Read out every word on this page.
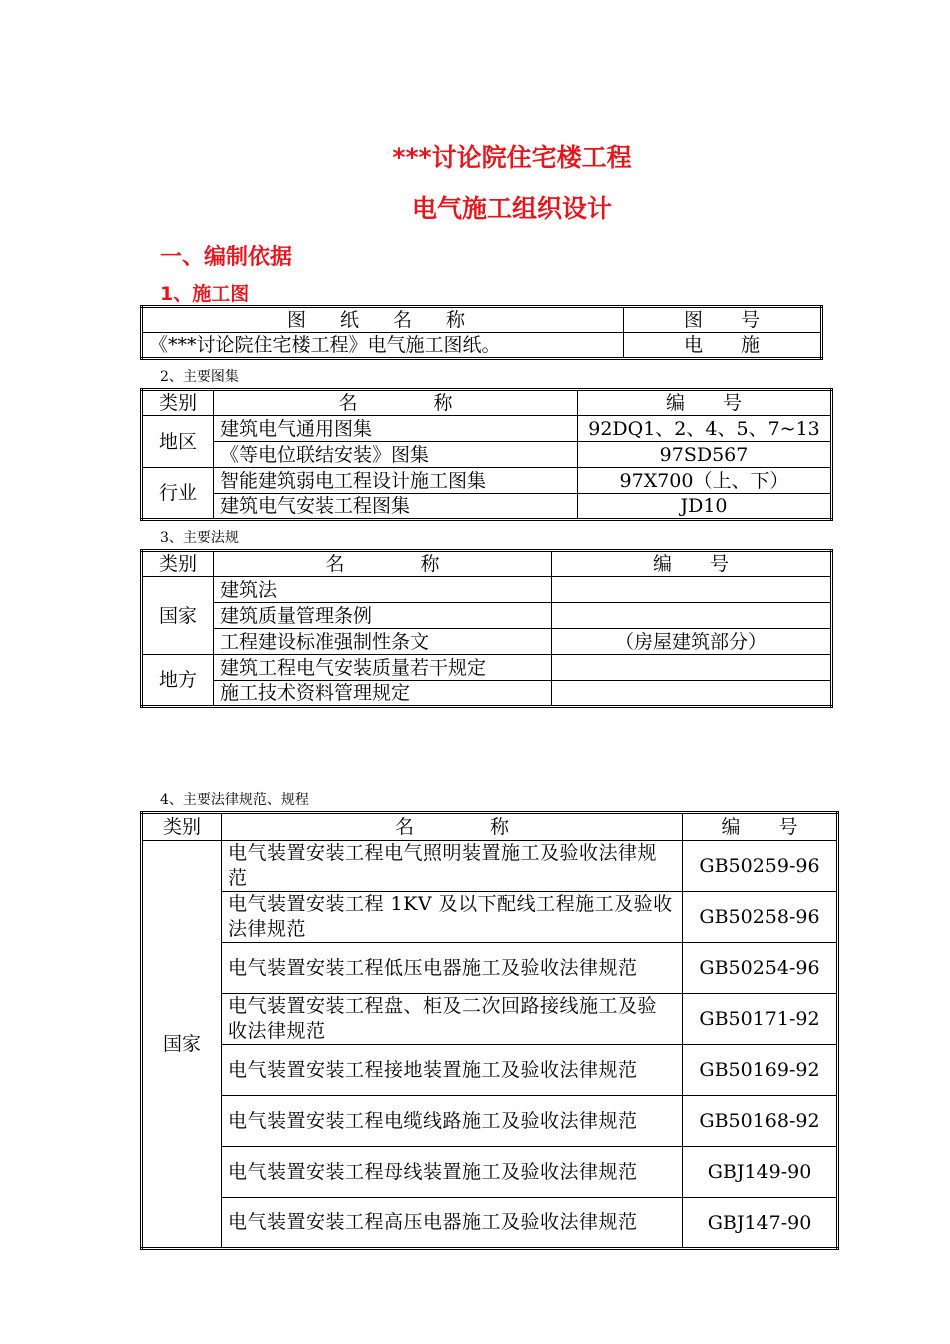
***讨论院住宅楼工程
电气施工组织设计
一、编制依据
1、施工图
图 纸 名 称	图　　号
《***讨论院住宅楼工程》电气施工图纸。	电　　施
2、主要图集
类别	名　　　　称	编　　号
地区	建筑电气通用图集	92DQ1、2、4、5、7~13
	《等电位联结安装》图集	97SD567
行业	智能建筑弱电工程设计施工图集	97X700（上、下）
	建筑电气安装工程图集	JD10
3、主要法规
类别	名　　　　称	编　　号
国家	建筑法	
	建筑质量管理条例	
	工程建设标准强制性条文	（房屋建筑部分）
地方	建筑工程电气安装质量若干规定	
	施工技术资料管理规定	
4、主要法律规范、规程
类别	名　　　　称	编　　号
国家	电气装置安装工程电气照明装置施工及验收法律规范	GB50259-96
	电气装置安装工程 1KV 及以下配线工程施工及验收法律规范	GB50258-96
	电气装置安装工程低压电器施工及验收法律规范	GB50254-96
	电气装置安装工程盘、柜及二次回路接线施工及验收法律规范	GB50171-92
	电气装置安装工程接地装置施工及验收法律规范	GB50169-92
	电气装置安装工程电缆线路施工及验收法律规范	GB50168-92
	电气装置安装工程母线装置施工及验收法律规范	GBJ149-90
	电气装置安装工程高压电器施工及验收法律规范	GBJ147-90
